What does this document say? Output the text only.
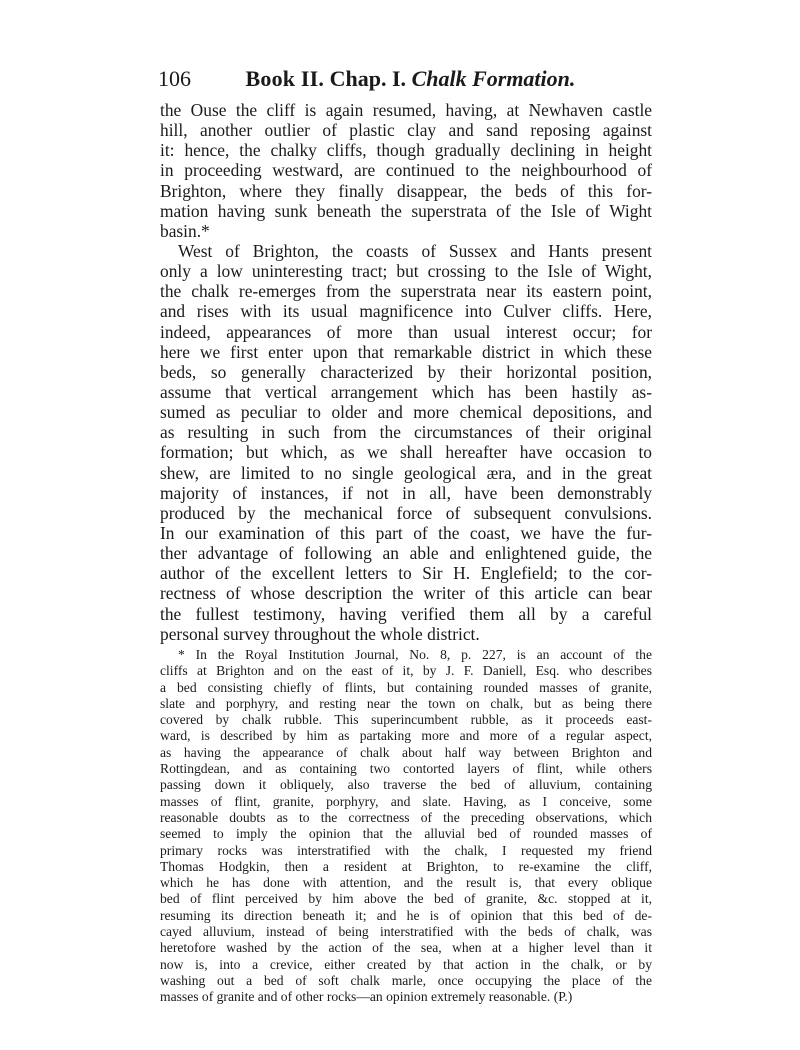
106 Book II. Chap. I. Chalk Formation.
the Ouse the cliff is again resumed, having, at Newhaven castle
hill, another outlier of plastic clay and sand reposing against
it: hence, the chalky cliffs, though gradually declining in height
in proceeding westward, are continued to the neighbourhood of
Brighton, where they finally disappear, the beds of this for-
mation having sunk beneath the superstrata of the Isle of Wight
basin.*
West of Brighton, the coasts of Sussex and Hants present
only a low uninteresting tract; but crossing to the Isle of Wight,
the chalk re-emerges from the superstrata near its eastern point,
and rises with its usual magnificence into Culver cliffs. Here,
indeed, appearances of more than usual interest occur; for
here we first enter upon that remarkable district in which these
beds, so generally characterized by their horizontal position,
assume that vertical arrangement which has been hastily as-
sumed as peculiar to older and more chemical depositions, and
as resulting in such from the circumstances of their original
formation; but which, as we shall hereafter have occasion to
shew, are limited to no single geological æra, and in the great
majority of instances, if not in all, have been demonstrably
produced by the mechanical force of subsequent convulsions.
In our examination of this part of the coast, we have the fur-
ther advantage of following an able and enlightened guide, the
author of the excellent letters to Sir H. Englefield; to the cor-
rectness of whose description the writer of this article can bear
the fullest testimony, having verified them all by a careful
personal survey throughout the whole district.
* In the Royal Institution Journal, No. 8, p. 227, is an account of the
cliffs at Brighton and on the east of it, by J. F. Daniell, Esq. who describes
a bed consisting chiefly of flints, but containing rounded masses of granite,
slate and porphyry, and resting near the town on chalk, but as being there
covered by chalk rubble. This superincumbent rubble, as it proceeds east-
ward, is described by him as partaking more and more of a regular aspect,
as having the appearance of chalk about half way between Brighton and
Rottingdean, and as containing two contorted layers of flint, while others
passing down it obliquely, also traverse the bed of alluvium, containing
masses of flint, granite, porphyry, and slate. Having, as I conceive, some
reasonable doubts as to the correctness of the preceding observations, which
seemed to imply the opinion that the alluvial bed of rounded masses of
primary rocks was interstratified with the chalk, I requested my friend
Thomas Hodgkin, then a resident at Brighton, to re-examine the cliff,
which he has done with attention, and the result is, that every oblique
bed of flint perceived by him above the bed of granite, &c. stopped at it,
resuming its direction beneath it; and he is of opinion that this bed of de-
cayed alluvium, instead of being interstratified with the beds of chalk, was
heretofore washed by the action of the sea, when at a higher level than it
now is, into a crevice, either created by that action in the chalk, or by
washing out a bed of soft chalk marle, once occupying the place of the
masses of granite and of other rocks—an opinion extremely reasonable. (P.)
